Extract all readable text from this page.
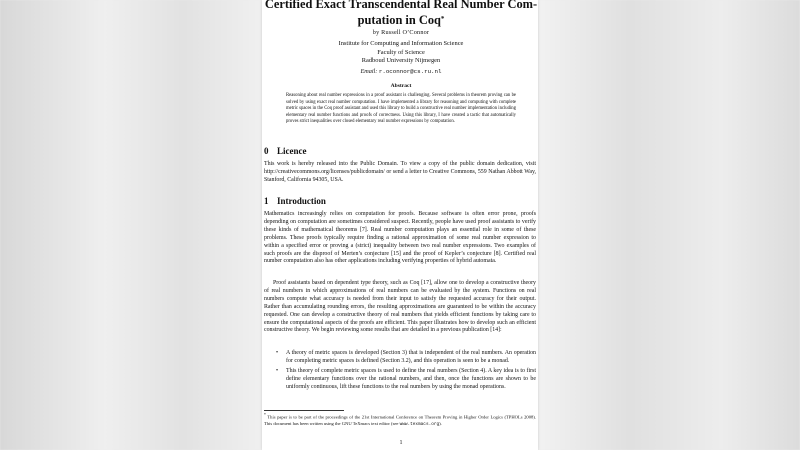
Certified Exact Transcendental Real Number Com-
putation in Coq*
by Russell O’Connor
Institute for Computing and Information Science
Faculty of Science
Radboud University Nijmegen
Email: r.oconnor@cs.ru.nl
Abstract
Reasoning about real number expressions in a proof assistant is challenging. Several problems in theorem proving can be solved by using exact real number computation. I have implemented a library for reasoning and computing with complete metric spaces in the Coq proof assistant and used this library to build a constructive real number implementation including elementary real number functions and proofs of correctness. Using this library, I have created a tactic that automatically proves strict inequalities over closed elementary real number expressions by computation.
0 Licence
This work is hereby released into the Public Domain. To view a copy of the public domain dedication, visit http://creativecommons.org/licenses/publicdomain/ or send a letter to Creative Commons, 559 Nathan Abbott Way, Stanford, California 94305, USA.
1 Introduction
Mathematics increasingly relies on computation for proofs. Because software is often error prone, proofs depending on computation are sometimes considered suspect. Recently, people have used proof assistants to verify these kinds of mathematical theorems [7]. Real number computation plays an essential role in some of these problems. These proofs typically require finding a rational approximation of some real number expression to within a specified error or proving a (strict) inequality between two real number expressions. Two examples of such proofs are the disproof of Merten’s conjecture [15] and the proof of Kepler’s conjecture [8]. Certified real number computation also has other applications including verifying properties of hybrid automata.
Proof assistants based on dependent type theory, such as Coq [17], allow one to develop a constructive theory of real numbers in which approximations of real numbers can be evaluated by the system. Functions on real numbers compute what accuracy is needed from their input to satisfy the requested accuracy for their output. Rather than accumulating rounding errors, the resulting approximations are guaranteed to be within the accuracy requested. One can develop a constructive theory of real numbers that yields efficient functions by taking care to ensure the computational aspects of the proofs are efficient. This paper illustrates how to develop such an efficient constructive theory. We begin reviewing some results that are detailed in a previous publication [14]:
• A theory of metric spaces is developed (Section 3) that is independent of the real numbers. An operation for completing metric spaces is defined (Section 3.2), and this operation is seen to be a monad.
• This theory of complete metric spaces is used to define the real numbers (Section 4). A key idea is to first define elementary functions over the rational numbers, and then, once the functions are shown to be uniformly continuous, lift these functions to the real numbers by using the monad operations.
* This paper is to be part of the proceedings of the 21st International Conference on Theorem Proving in Higher Order Logics (TPHOLs 2008). This document has been written using the GNU TeXmacs text editor (see www.texmacs.org).
1
